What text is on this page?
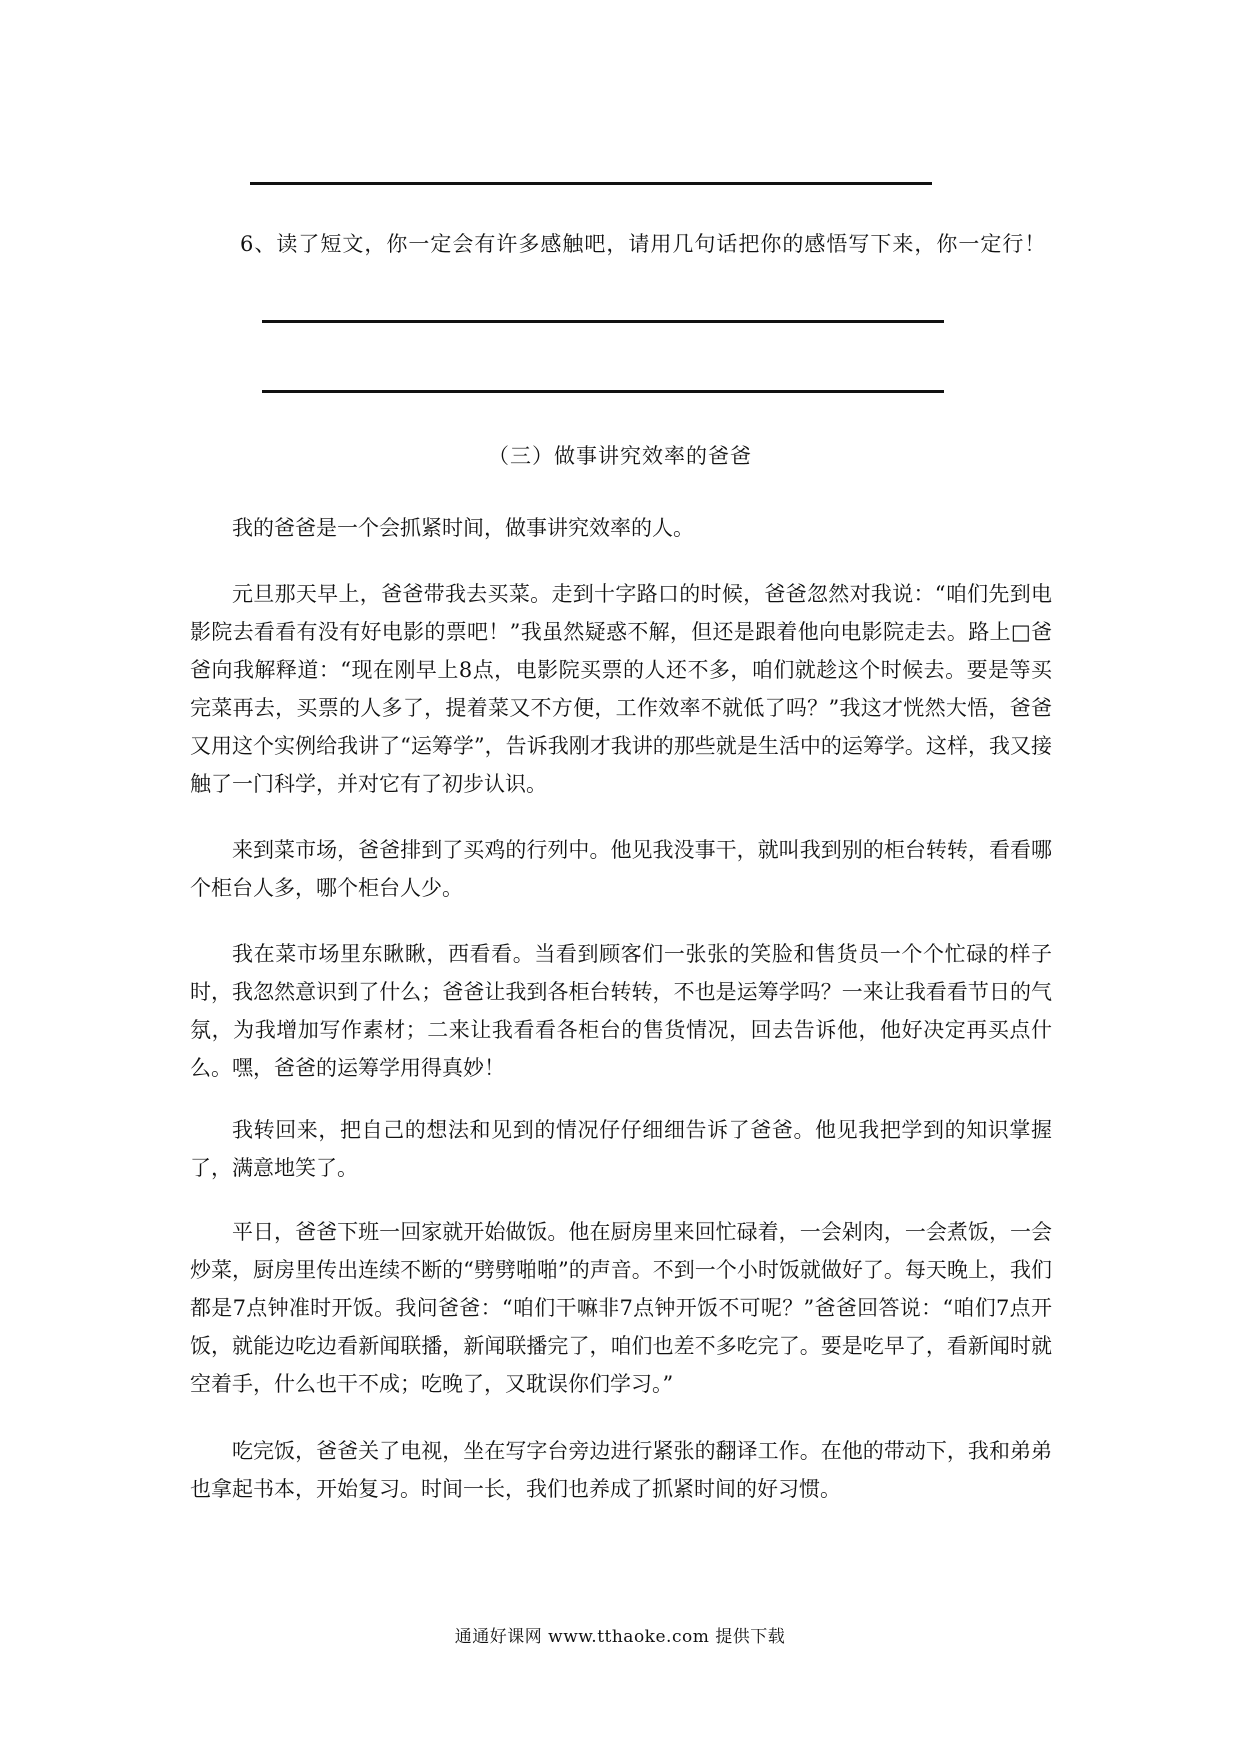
6、读了短文，你一定会有许多感触吧，请用几句话把你的感悟写下来，你一定行！
（三）做事讲究效率的爸爸

我的爸爸是一个会抓紧时间，做事讲究效率的人。

元旦那天早上，爸爸带我去买菜。走到十字路口的时候，爸爸忽然对我说：“咱们先到电影院去看看有没有好电影的票吧！”我虽然疑惑不解，但还是跟着他向电影院走去。路上□爸爸向我解释道：“现在刚早上8点，电影院买票的人还不多，咱们就趁这个时候去。要是等买完菜再去，买票的人多了，提着菜又不方便，工作效率不就低了吗？”我这才恍然大悟，爸爸又用这个实例给我讲了“运筹学”，告诉我刚才我讲的那些就是生活中的运筹学。这样，我又接触了一门科学，并对它有了初步认识。

来到菜市场，爸爸排到了买鸡的行列中。他见我没事干，就叫我到别的柜台转转，看看哪个柜台人多，哪个柜台人少。

我在菜市场里东瞅瞅，西看看。当看到顾客们一张张的笑脸和售货员一个个忙碌的样子时，我忽然意识到了什么；爸爸让我到各柜台转转，不也是运筹学吗？一来让我看看节日的气氛，为我增加写作素材；二来让我看看各柜台的售货情况，回去告诉他，他好决定再买点什么。嘿，爸爸的运筹学用得真妙！

我转回来，把自己的想法和见到的情况仔仔细细告诉了爸爸。他见我把学到的知识掌握了，满意地笑了。

平日，爸爸下班一回家就开始做饭。他在厨房里来回忙碌着，一会剁肉，一会煮饭，一会炒菜，厨房里传出连续不断的“劈劈啪啪”的声音。不到一个小时饭就做好了。每天晚上，我们都是7点钟准时开饭。我问爸爸：“咱们干嘛非7点钟开饭不可呢？”爸爸回答说：“咱们7点开饭，就能边吃边看新闻联播，新闻联播完了，咱们也差不多吃完了。要是吃早了，看新闻时就空着手，什么也干不成；吃晚了，又耽误你们学习。”

吃完饭，爸爸关了电视，坐在写字台旁边进行紧张的翻译工作。在他的带动下，我和弟弟也拿起书本，开始复习。时间一长，我们也养成了抓紧时间的好习惯。

通通好课网 www.tthaoke.com 提供下载
